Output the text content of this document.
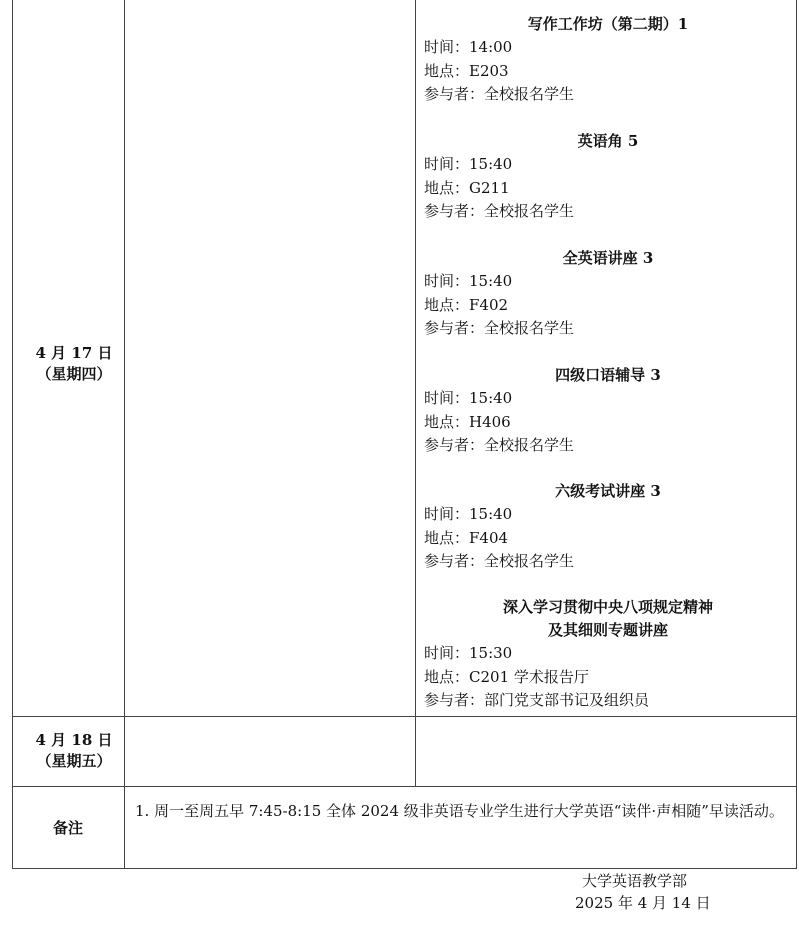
4 月 17 日
（星期四）
写作工作坊（第二期）1
时间：14:00
地点：E203
参与者：全校报名学生
英语角 5
时间：15:40
地点：G211
参与者：全校报名学生
全英语讲座 3
时间：15:40
地点：F402
参与者：全校报名学生
四级口语辅导 3
时间：15:40
地点：H406
参与者：全校报名学生
六级考试讲座 3
时间：15:40
地点：F404
参与者：全校报名学生
深入学习贯彻中央八项规定精神
及其细则专题讲座
时间：15:30
地点：C201 学术报告厅
参与者：部门党支部书记及组织员
4 月 18 日
（星期五）
备注
1. 周一至周五早 7:45-8:15 全体 2024 级非英语专业学生进行大学英语“读伴·声相随”早读活动。
大学英语教学部
2025 年 4 月 14 日
